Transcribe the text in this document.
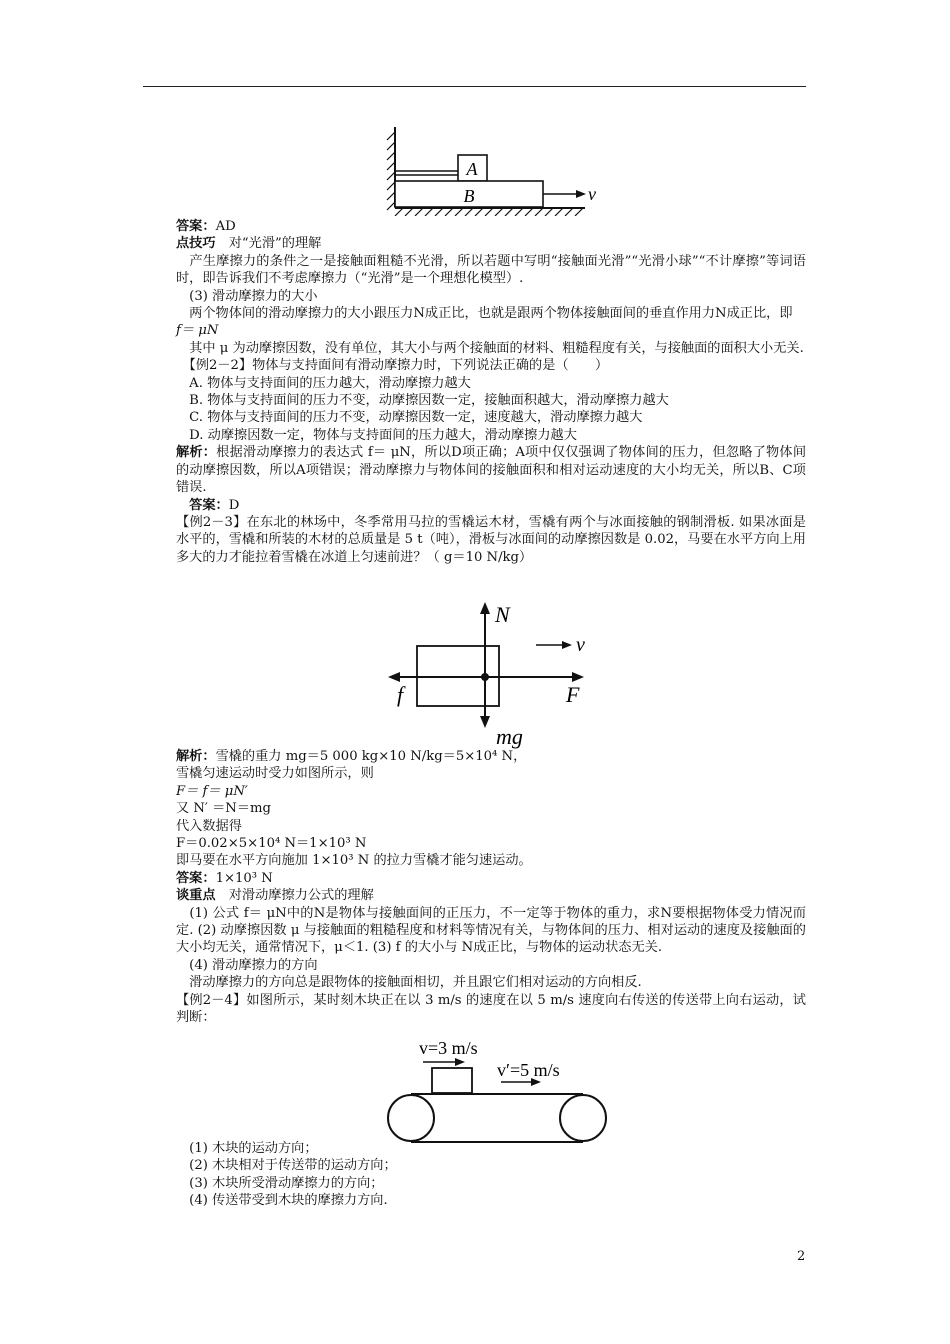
A
B	v

答案：AD

点技巧　对“光滑”的理解

　产生摩擦力的条件之一是接触面粗糙不光滑，所以若题中写明“接触面光滑”“光滑小球”“不计摩擦”等词语时，即告诉我们不考虑摩擦力（“光滑”是一个理想化模型）.

　(3) 滑动摩擦力的大小

　两个物体间的滑动摩擦力的大小跟压力N成正比，也就是跟两个物体接触面间的垂直作用力N成正比，即

f＝ μN

　其中 μ 为动摩擦因数，没有单位，其大小与两个接触面的材料、粗糙程度有关，与接触面的面积大小无关.

　【例2－2】物体与支持面间有滑动摩擦力时，下列说法正确的是（　　）

　A. 物体与支持面间的压力越大，滑动摩擦力越大

　B. 物体与支持面间的压力不变，动摩擦因数一定，接触面积越大，滑动摩擦力越大

　C. 物体与支持面间的压力不变，动摩擦因数一定，速度越大，滑动摩擦力越大

　D. 动摩擦因数一定，物体与支持面间的压力越大，滑动摩擦力越大

解析：根据滑动摩擦力的表达式 f＝ μN，所以D项正确；A项中仅仅强调了物体间的压力，但忽略了物体间的动摩擦因数，所以A项错误；滑动摩擦力与物体间的接触面积和相对运动速度的大小均无关，所以B、C项错误.

　答案：D

【例2－3】在东北的林场中，冬季常用马拉的雪橇运木材，雪橇有两个与冰面接触的钢制滑板. 如果冰面是水平的，雪橇和所装的木材的总质量是 5 t（吨），滑板与冰面间的动摩擦因数是 0.02，马要在水平方向上用多大的力才能拉着雪橇在冰道上匀速前进？（ g＝10 N/kg）

v
N
f	F
mg

解析：雪橇的重力 mg＝5 000 kg×10 N/kg＝5×10⁴ N，

雪橇匀速运动时受力如图所示，则

F＝ f＝ μN′

又 N′ ＝N＝mg

代入数据得

F＝0.02×5×10⁴ N＝1×10³ N

即马要在水平方向施加 1×10³ N 的拉力雪橇才能匀速运动。

答案：1×10³ N

谈重点　对滑动摩擦力公式的理解

　(1) 公式 f＝ μN中的N是物体与接触面间的正压力，不一定等于物体的重力，求N要根据物体受力情况而定. (2) 动摩擦因数 μ 与接触面的粗糙程度和材料等情况有关，与物体间的压力、相对运动的速度及接触面的大小均无关，通常情况下，μ＜1. (3) f 的大小与 N成正比，与物体的运动状态无关.

　(4) 滑动摩擦力的方向

　滑动摩擦力的方向总是跟物体的接触面相切，并且跟它们相对运动的方向相反.

【例2－4】如图所示，某时刻木块正在以 3 m/s 的速度在以 5 m/s 速度向右传送的传送带上向右运动，试判断：

v=3 m/s
v′=5 m/s

　(1) 木块的运动方向；

　(2) 木块相对于传送带的运动方向；

　(3) 木块所受滑动摩擦力的方向；

　(4) 传送带受到木块的摩擦力方向.

2
